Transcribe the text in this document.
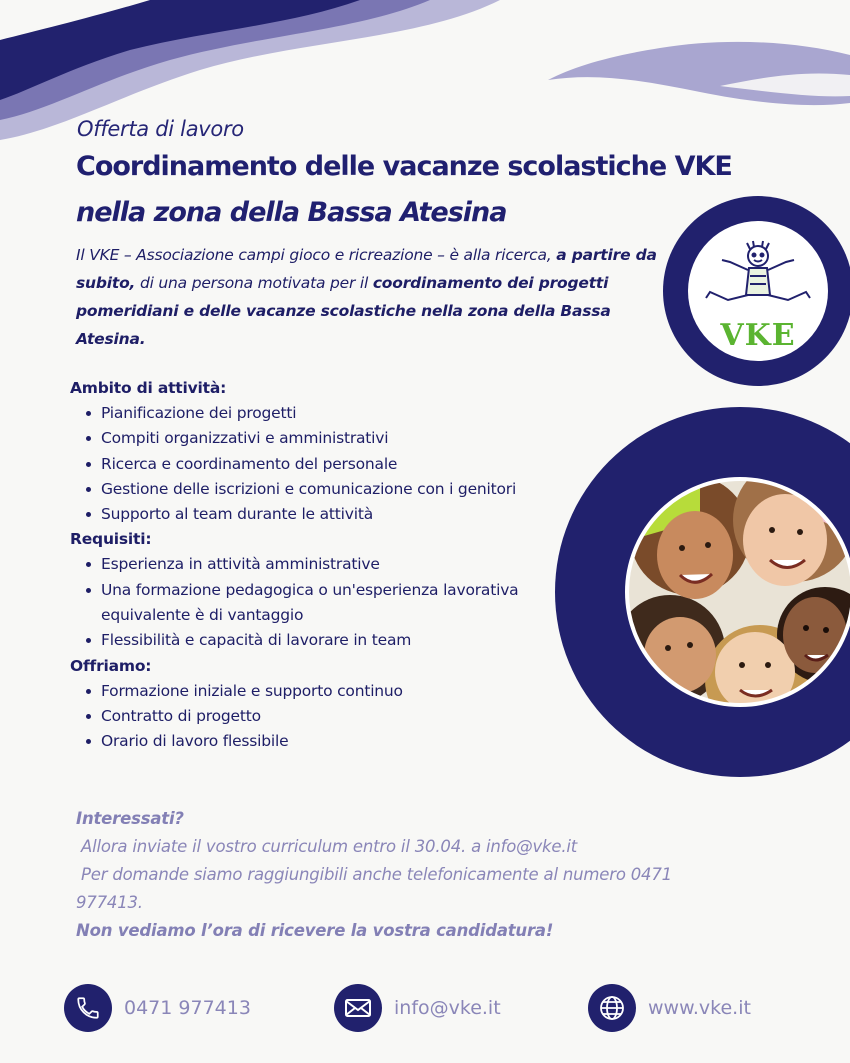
VKE
Offerta di lavoro
Coordinamento delle vacanze scolastiche VKE
nella zona della Bassa Atesina
Il VKE – Associazione campi gioco e ricreazione – è alla ricerca, a partire da subito, di una persona motivata per il coordinamento dei progetti pomeridiani e delle vacanze scolastiche nella zona della Bassa Atesina.
Ambito di attività:
Pianificazione dei progetti
Compiti organizzativi e amministrativi
Ricerca e coordinamento del personale
Gestione delle iscrizioni e comunicazione con i genitori
Supporto al team durante le attività
Requisiti:
Esperienza in attività amministrative
Una formazione pedagogica o un'esperienza lavorativa equivalente è di vantaggio
Flessibilità e capacità di lavorare in team
Offriamo:
Formazione iniziale e supporto continuo
Contratto di progetto
Orario di lavoro flessibile
Interessati?
Allora inviate il vostro curriculum entro il 30.04. a info@vke.it
Per domande siamo raggiungibili anche telefonicamente al numero 0471 977413.
Non vediamo l’ora di ricevere la vostra candidatura!
0471 977413	info@vke.it	www.vke.it
